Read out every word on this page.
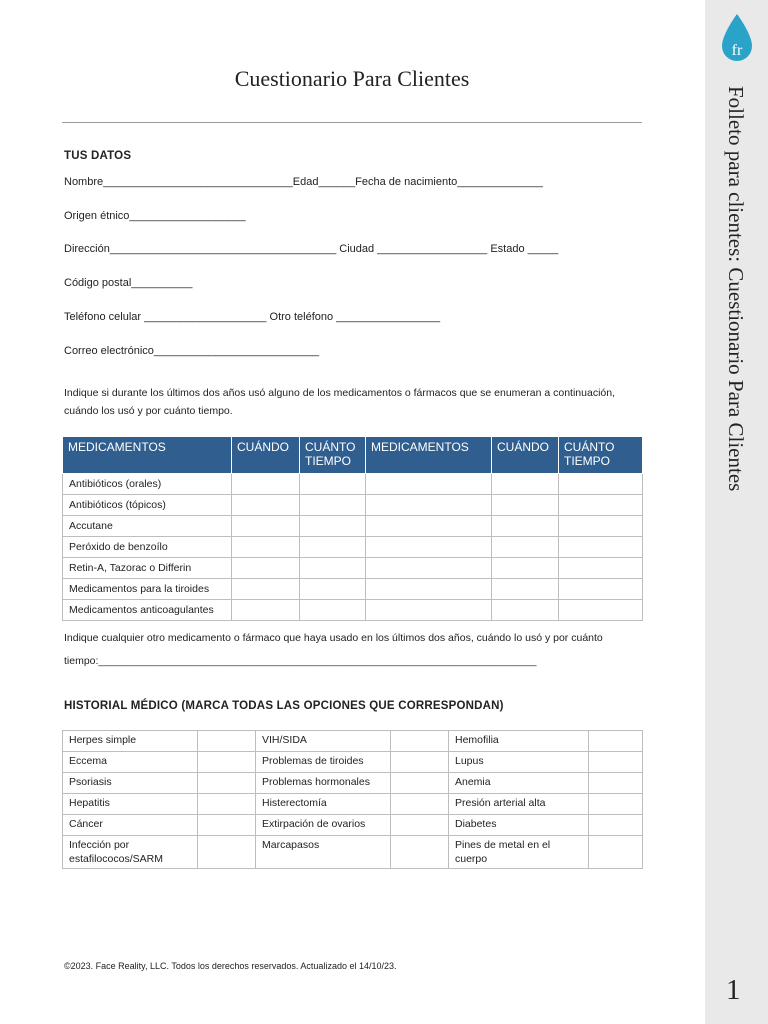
Cuestionario Para Clientes
TUS DATOS
Nombre_______________________________Edad______Fecha de nacimiento______________
Origen étnico___________________
Dirección_____________________________________ Ciudad __________________ Estado _____
Código postal__________
Teléfono celular ____________________ Otro teléfono _________________
Correo electrónico___________________________
Indique si durante los últimos dos años usó alguno de los medicamentos o fármacos que se enumeran a continuación, cuándo los usó y por cuánto tiempo.
MEDICAMENTOS	CUÁNDO	CUÁNTO TIEMPO	MEDICAMENTOS	CUÁNDO	CUÁNTO TIEMPO
Antibióticos (orales)					
Antibióticos (tópicos)					
Accutane					
Peróxido de benzoílo					
Retin-A, Tazorac o Differin					
Medicamentos para la tiroides					
Medicamentos anticoagulantes					
Indique cualquier otro medicamento o fármaco que haya usado en los últimos dos años, cuándo lo usó y por cuánto
tiempo:___________________________________________________________________________
HISTORIAL MÉDICO (MARCA TODAS LAS OPCIONES QUE CORRESPONDAN)
Herpes simple		VIH/SIDA		Hemofilia	
Eccema		Problemas de tiroides		Lupus	
Psoriasis		Problemas hormonales		Anemia	
Hepatitis		Histerectomía		Presión arterial alta	
Cáncer		Extirpación de ovarios		Diabetes	
Infección por estafilococos/SARM		Marcapasos		Pines de metal en el cuerpo	
©2023. Face Reality, LLC. Todos los derechos reservados. Actualizado el 14/10/23.
fr
Folleto para clientes: Cuestionario Para Clientes
1
